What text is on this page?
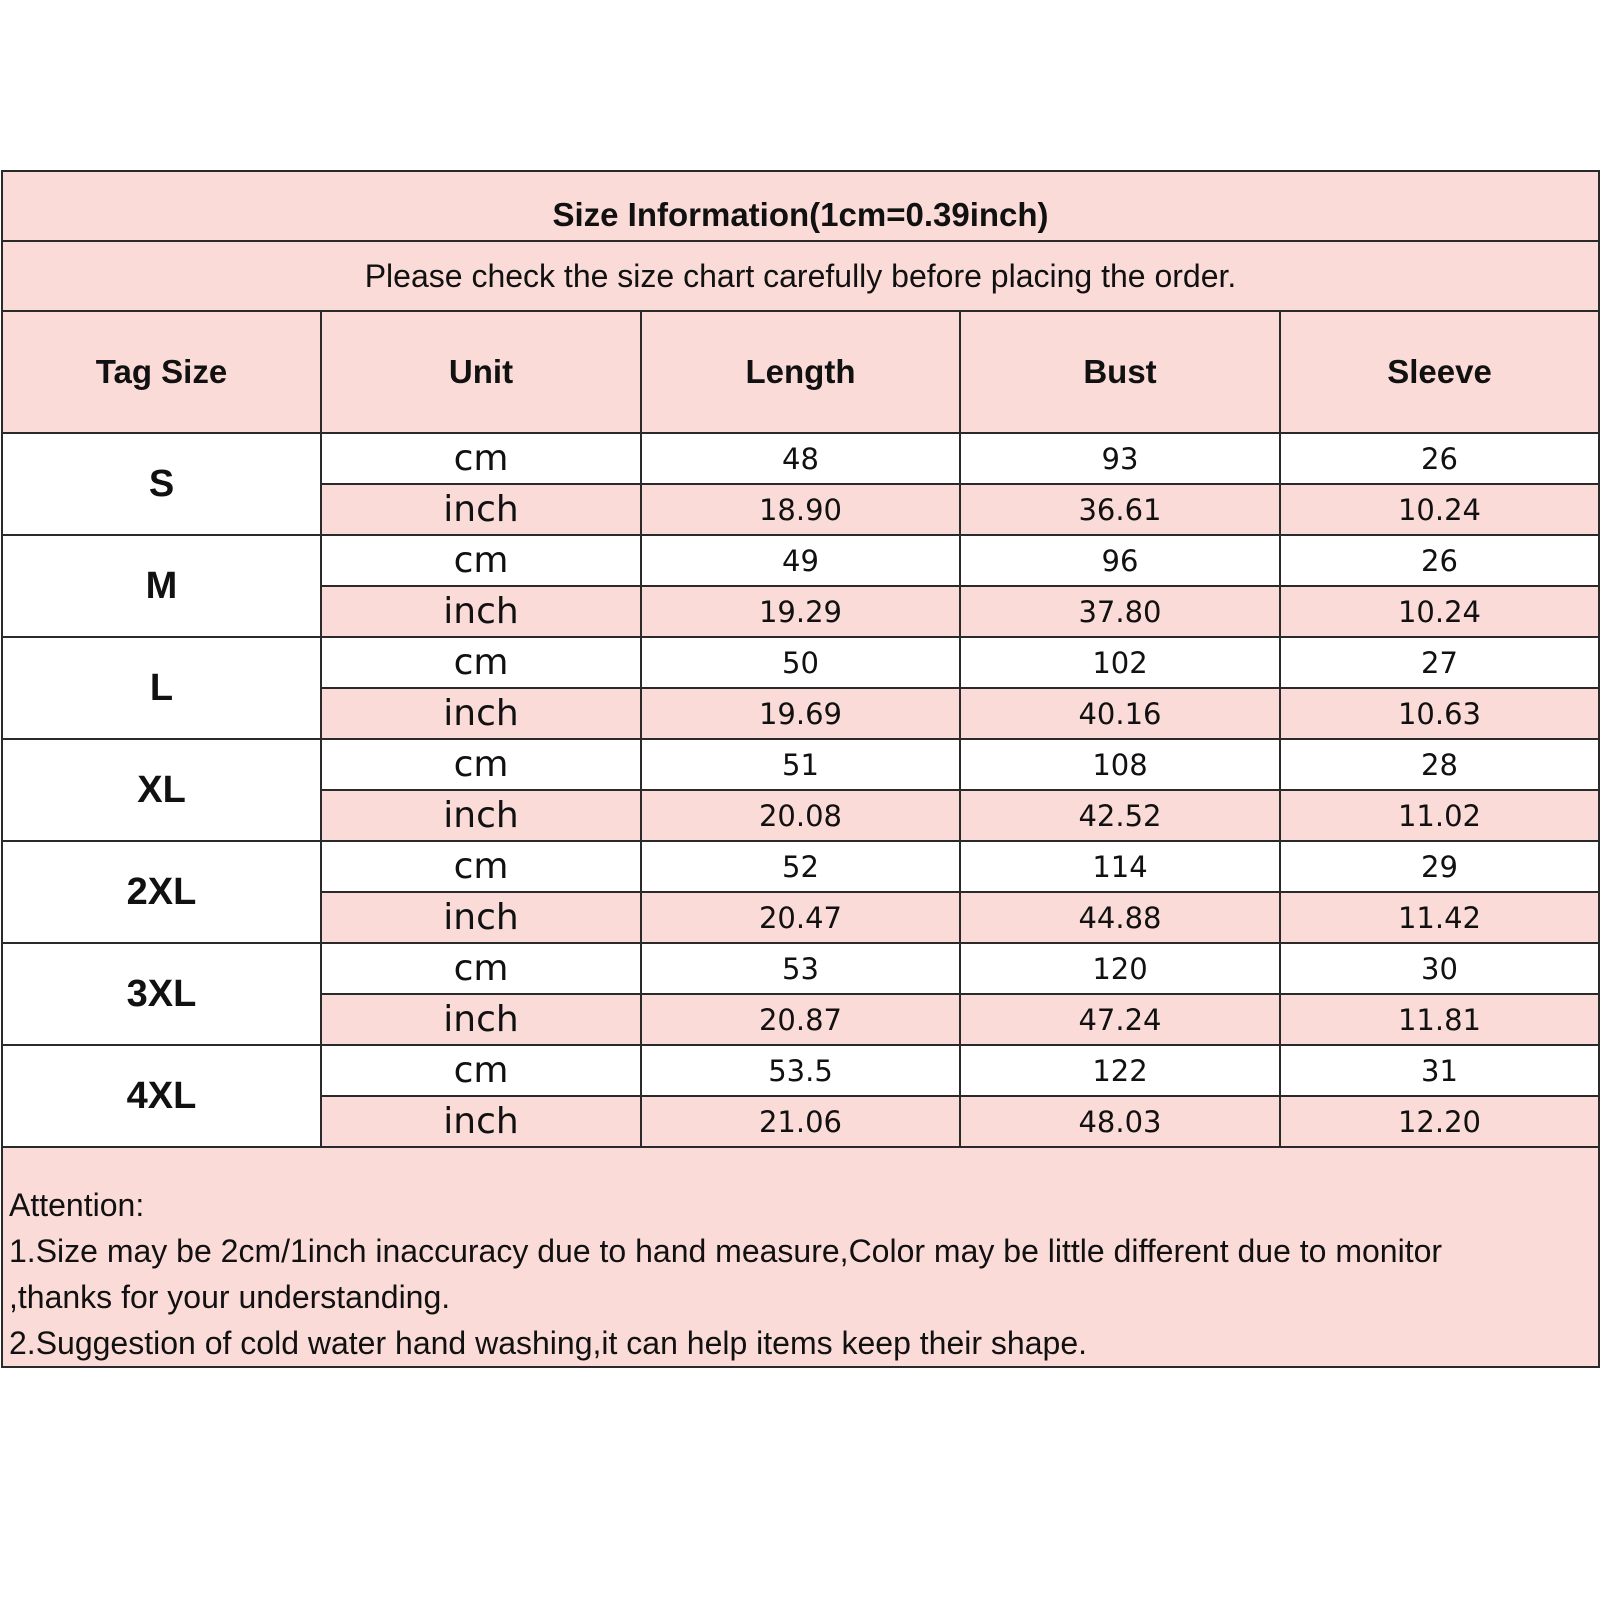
Size Information(1cm=0.39inch)				
Please check the size chart carefully before placing the order.				
Tag Size	Unit	Length	Bust	Sleeve
S	cm	48	93	26
	inch	18.90	36.61	10.24
M	cm	49	96	26
	inch	19.29	37.80	10.24
L	cm	50	102	27
	inch	19.69	40.16	10.63
XL	cm	51	108	28
	inch	20.08	42.52	11.02
2XL	cm	52	114	29
	inch	20.47	44.88	11.42
3XL	cm	53	120	30
	inch	20.87	47.24	11.81
4XL	cm	53.5	122	31
	inch	21.06	48.03	12.20

Attention:
1.Size may be 2cm/1inch inaccuracy due to hand measure,Color may be little different due to monitor
,thanks for your understanding.
2.Suggestion of cold water hand washing,it can help items keep their shape.				
